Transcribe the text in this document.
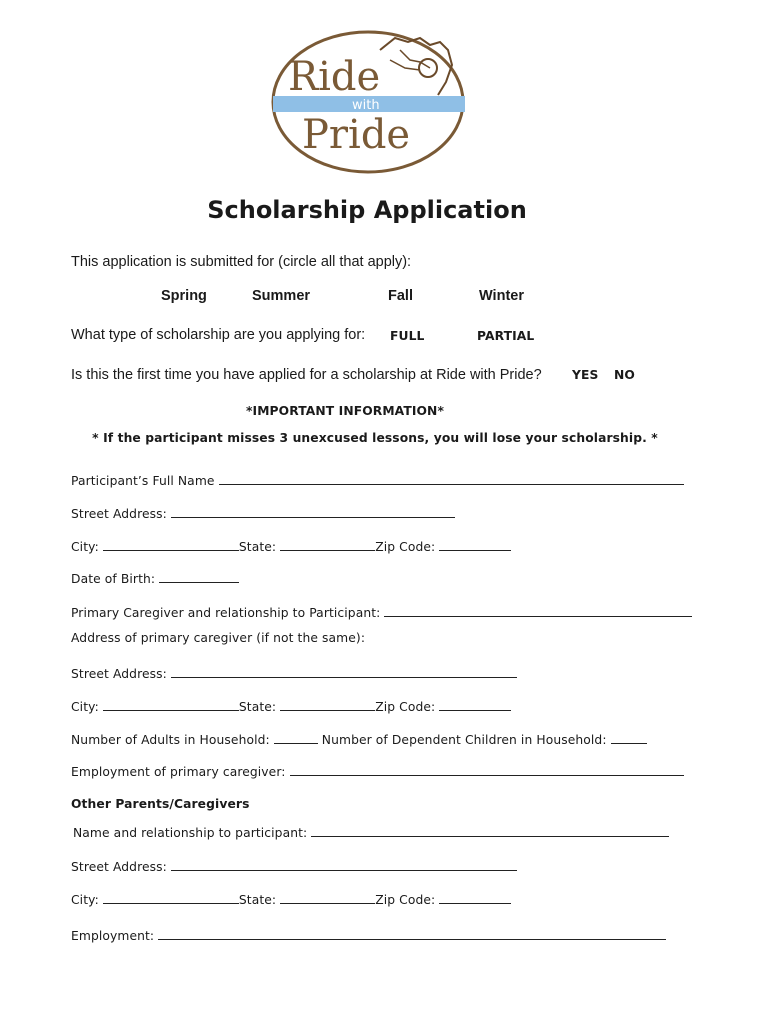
Ride
with
Pride
Scholarship Application
This application is submitted for (circle all that apply):
Spring	Summer	Fall	Winter
What type of scholarship are you applying for: FULL	PARTIAL
Is this the first time you have applied for a scholarship at Ride with Pride? YES NO
*IMPORTANT INFORMATION*
* If the participant misses 3 unexcused lessons, you will lose your scholarship. *
Participant’s Full Name
Street Address:
City:	State:	Zip Code:
Date of Birth:
Primary Caregiver and relationship to Participant:
Address of primary caregiver (if not the same):
Street Address:
City:	State:	Zip Code:
Number of Adults in Household:	Number of Dependent Children in Household:
Employment of primary caregiver:
Other Parents/Caregivers
Name and relationship to participant:
Street Address:
City:	State:	Zip Code:
Employment:
